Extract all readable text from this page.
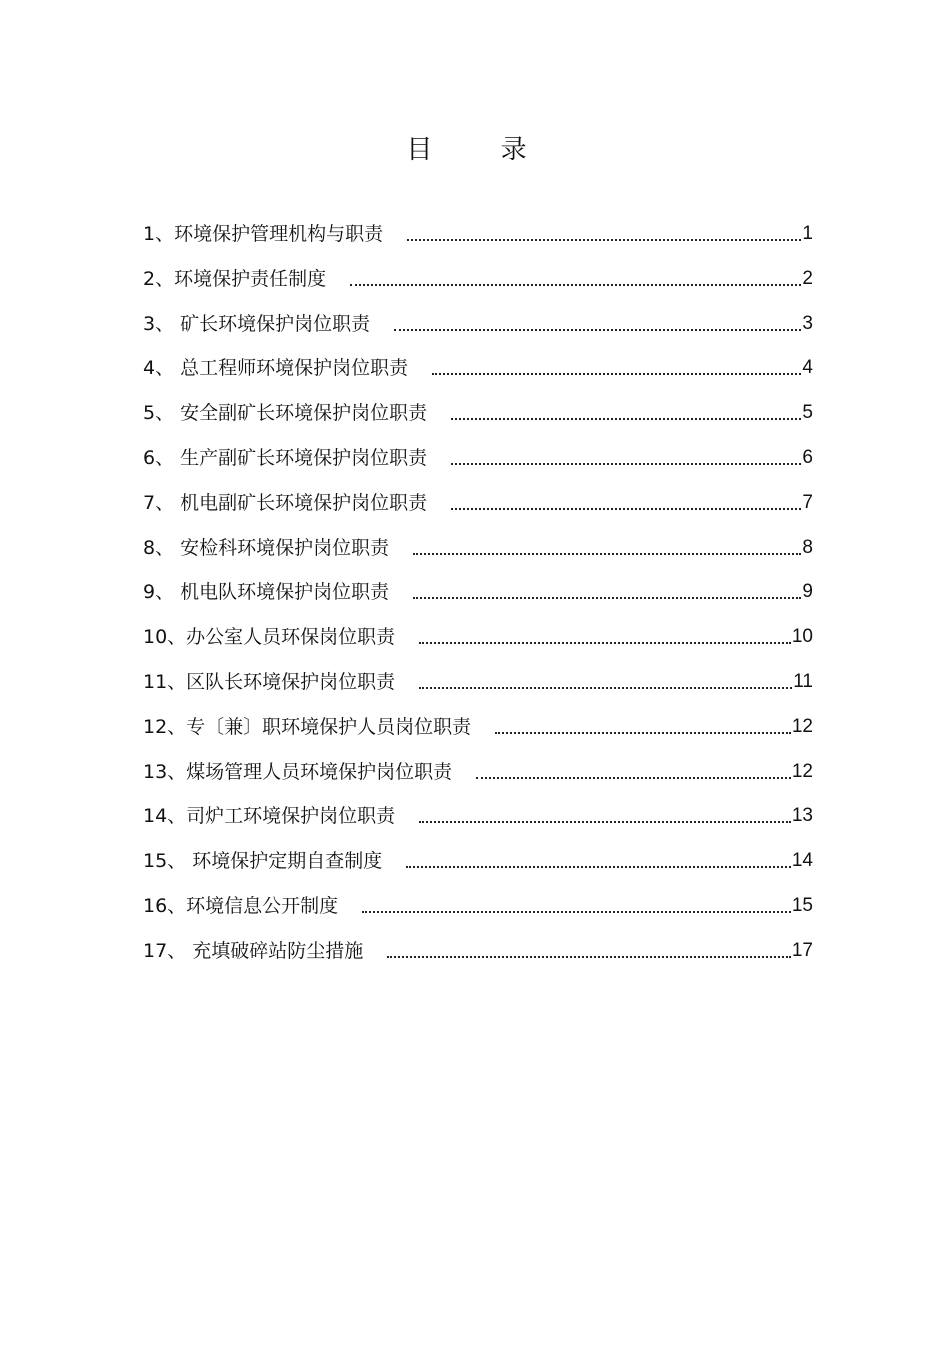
目 录
1、环境保护管理机构与职责	1
2、环境保护责任制度	2
3、 矿长环境保护岗位职责	3
4、 总工程师环境保护岗位职责	4
5、 安全副矿长环境保护岗位职责	5
6、 生产副矿长环境保护岗位职责	6
7、 机电副矿长环境保护岗位职责	7
8、 安检科环境保护岗位职责	8
9、 机电队环境保护岗位职责	9
10、办公室人员环保岗位职责	10
11、区队长环境保护岗位职责	11
12、专〔兼〕职环境保护人员岗位职责	12
13、煤场管理人员环境保护岗位职责	12
14、司炉工环境保护岗位职责	13
15、 环境保护定期自查制度	14
16、环境信息公开制度	15
17、 充填破碎站防尘措施	17
